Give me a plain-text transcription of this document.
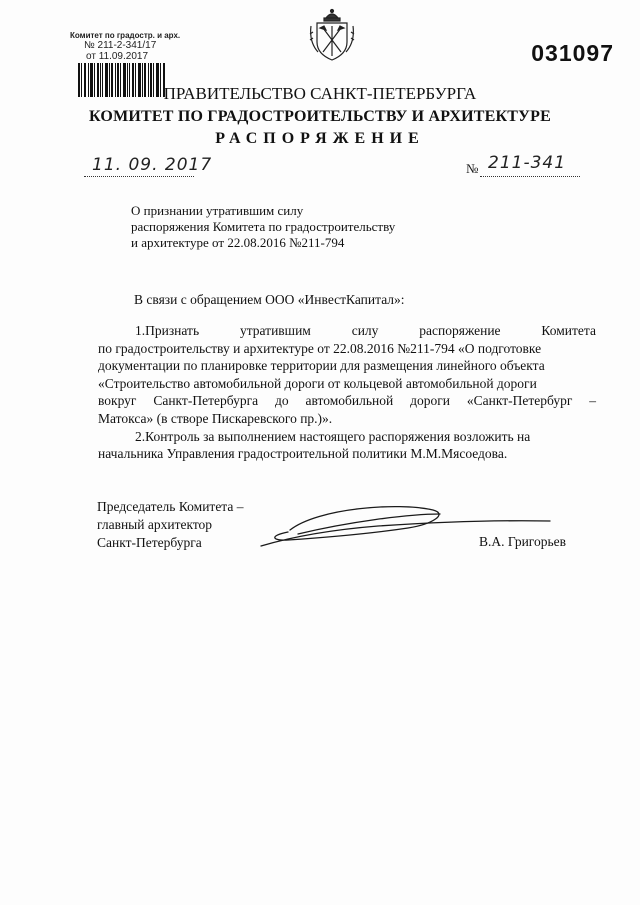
Комитет по градостр. и арх.
№ 211-2-341/17
от 11.09.2017	031097
ПРАВИТЕЛЬСТВО САНКТ-ПЕТЕРБУРГА
КОМИТЕТ ПО ГРАДОСТРОИТЕЛЬСТВУ И АРХИТЕКТУРЕ
РАСПОРЯЖЕНИЕ
11. 09. 2017	№ 211-341
О признании утратившим силу
распоряжения Комитета по градостроительству
и архитектуре от 22.08.2016 №211-794
В связи с обращением ООО «ИнвестКапитал»:
1.Признать	утратившим	силу	распоряжение	Комитета
по градостроительству и архитектуре от 22.08.2016 №211-794 «О подготовке
документации по планировке территории для размещения линейного объекта
«Строительство автомобильной дороги от кольцевой автомобильной дороги
вокруг Санкт-Петербурга до автомобильной дороги «Санкт-Петербург –
Матокса» (в створе Пискаревского пр.)».
2.Контроль за выполнением настоящего распоряжения возложить на
начальника Управления градостроительной политики М.М.Мясоедова.
Председатель Комитета –
главный архитектор
Санкт-Петербурга	В.А. Григорьев
